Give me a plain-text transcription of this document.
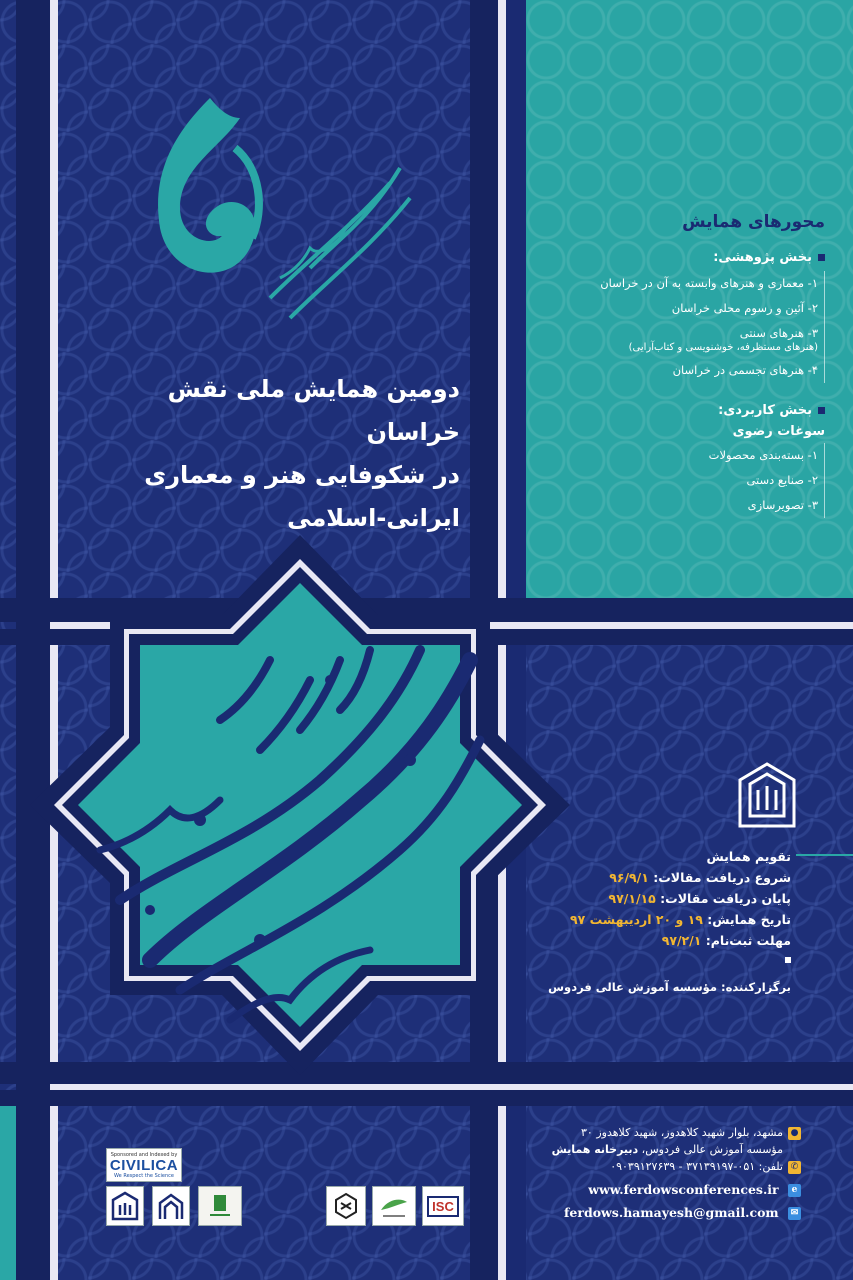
دومین همایش ملی نقش خراسان
در شکوفایی هنر و معماری
ایرانی-اسلامی
محورهای همایش
بخش پژوهشی:
۱- معماری و هنرهای وابسته به آن در خراسان
۲- آئین و رسوم محلی خراسان
۳- هنرهای سنتی
(هنرهای مستظرفه، خوشنویسی و کتاب‌آرایی)
۴- هنرهای تجسمی در خراسان
بخش کاربردی:
سوغات رضوی
۱- بسته‌بندی محصولات
۲- صنایع دستی
۳- تصویرسازی
تقویم همایش
شروع دریافت مقالات: ۹۶/۹/۱
پایان دریافت مقالات: ۹۷/۱/۱۵
تاریخ همایش: ۱۹ و ۲۰ اردیبهشت ۹۷
مهلت ثبت‌نام: ۹۷/۲/۱
برگزارکننده: مؤسسه آموزش عالی فردوس
●مشهد، بلوار شهید کلاهدوز، شهید کلاهدوز ۳۰
مؤسسه آموزش عالی فردوس، دبیرخانه همایش
✆تلفن: ۰۵۱-۳۷۱۳۹۱۹۷ - ۰۹۰۳۹۱۲۷۶۳۹
www.ferdowsconferences.ir e
ferdows.hamayesh@gmail.com ✉
Sponsored and Indexed by
CIVILICA
We Respect the Science
ISC
